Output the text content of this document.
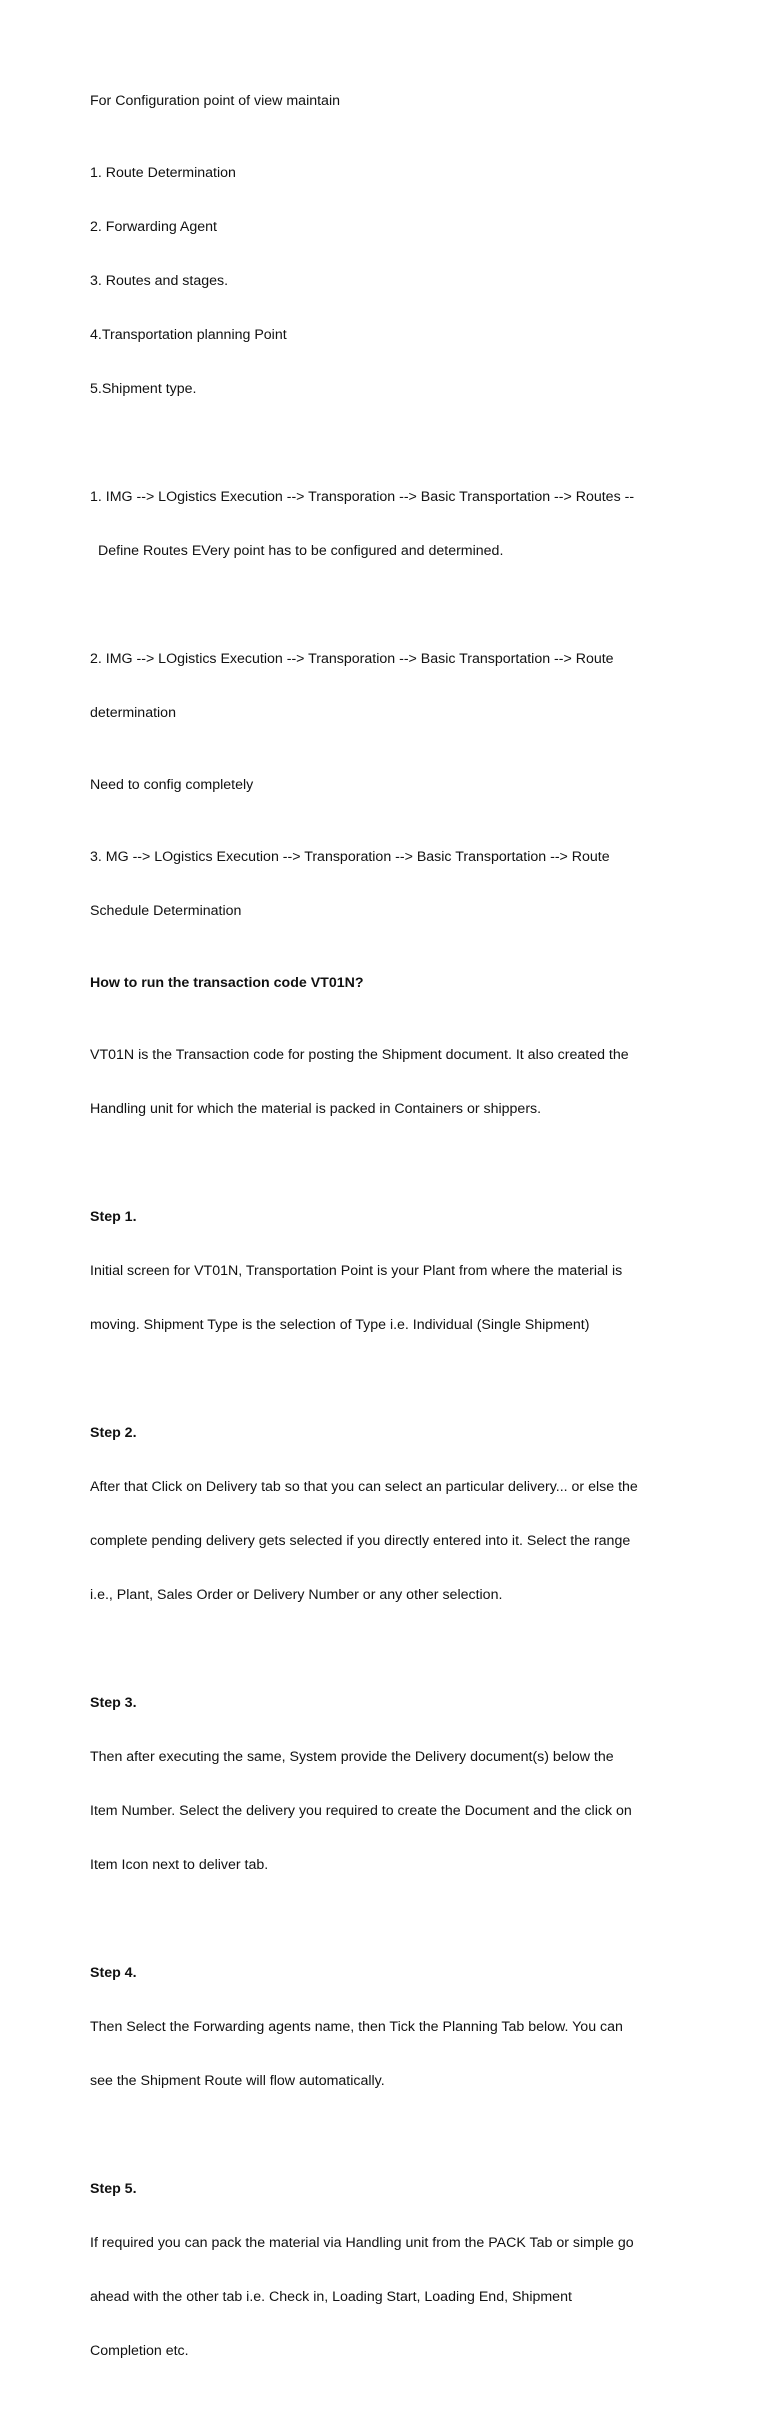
For Configuration point of view maintain

1. Route Determination

2. Forwarding Agent

3. Routes and stages.

4.Transportation planning Point

5.Shipment type.

1. IMG --> LOgistics Execution --> Transporation --> Basic Transportation --> Routes --

Define Routes EVery point has to be configured and determined.

2. IMG --> LOgistics Execution --> Transporation --> Basic Transportation --> Route

determination

Need to config completely

3. MG --> LOgistics Execution --> Transporation --> Basic Transportation --> Route

Schedule Determination

How to run the transaction code VT01N?

VT01N is the Transaction code for posting the Shipment document. It also created the

Handling unit for which the material is packed in Containers or shippers.

Step 1.

Initial screen for VT01N, Transportation Point is your Plant from where the material is

moving. Shipment Type is the selection of Type i.e. Individual (Single Shipment)

Step 2.

After that Click on Delivery tab so that you can select an particular delivery... or else the

complete pending delivery gets selected if you directly entered into it. Select the range

i.e., Plant, Sales Order or Delivery Number or any other selection.

Step 3.

Then after executing the same, System provide the Delivery document(s) below the

Item Number. Select the delivery you required to create the Document and the click on

Item Icon next to deliver tab.

Step 4.

Then Select the Forwarding agents name, then Tick the Planning Tab below. You can

see the Shipment Route will flow automatically.

Step 5.

If required you can pack the material via Handling unit from the PACK Tab or simple go

ahead with the other tab i.e. Check in, Loading Start, Loading End, Shipment

Completion etc.
